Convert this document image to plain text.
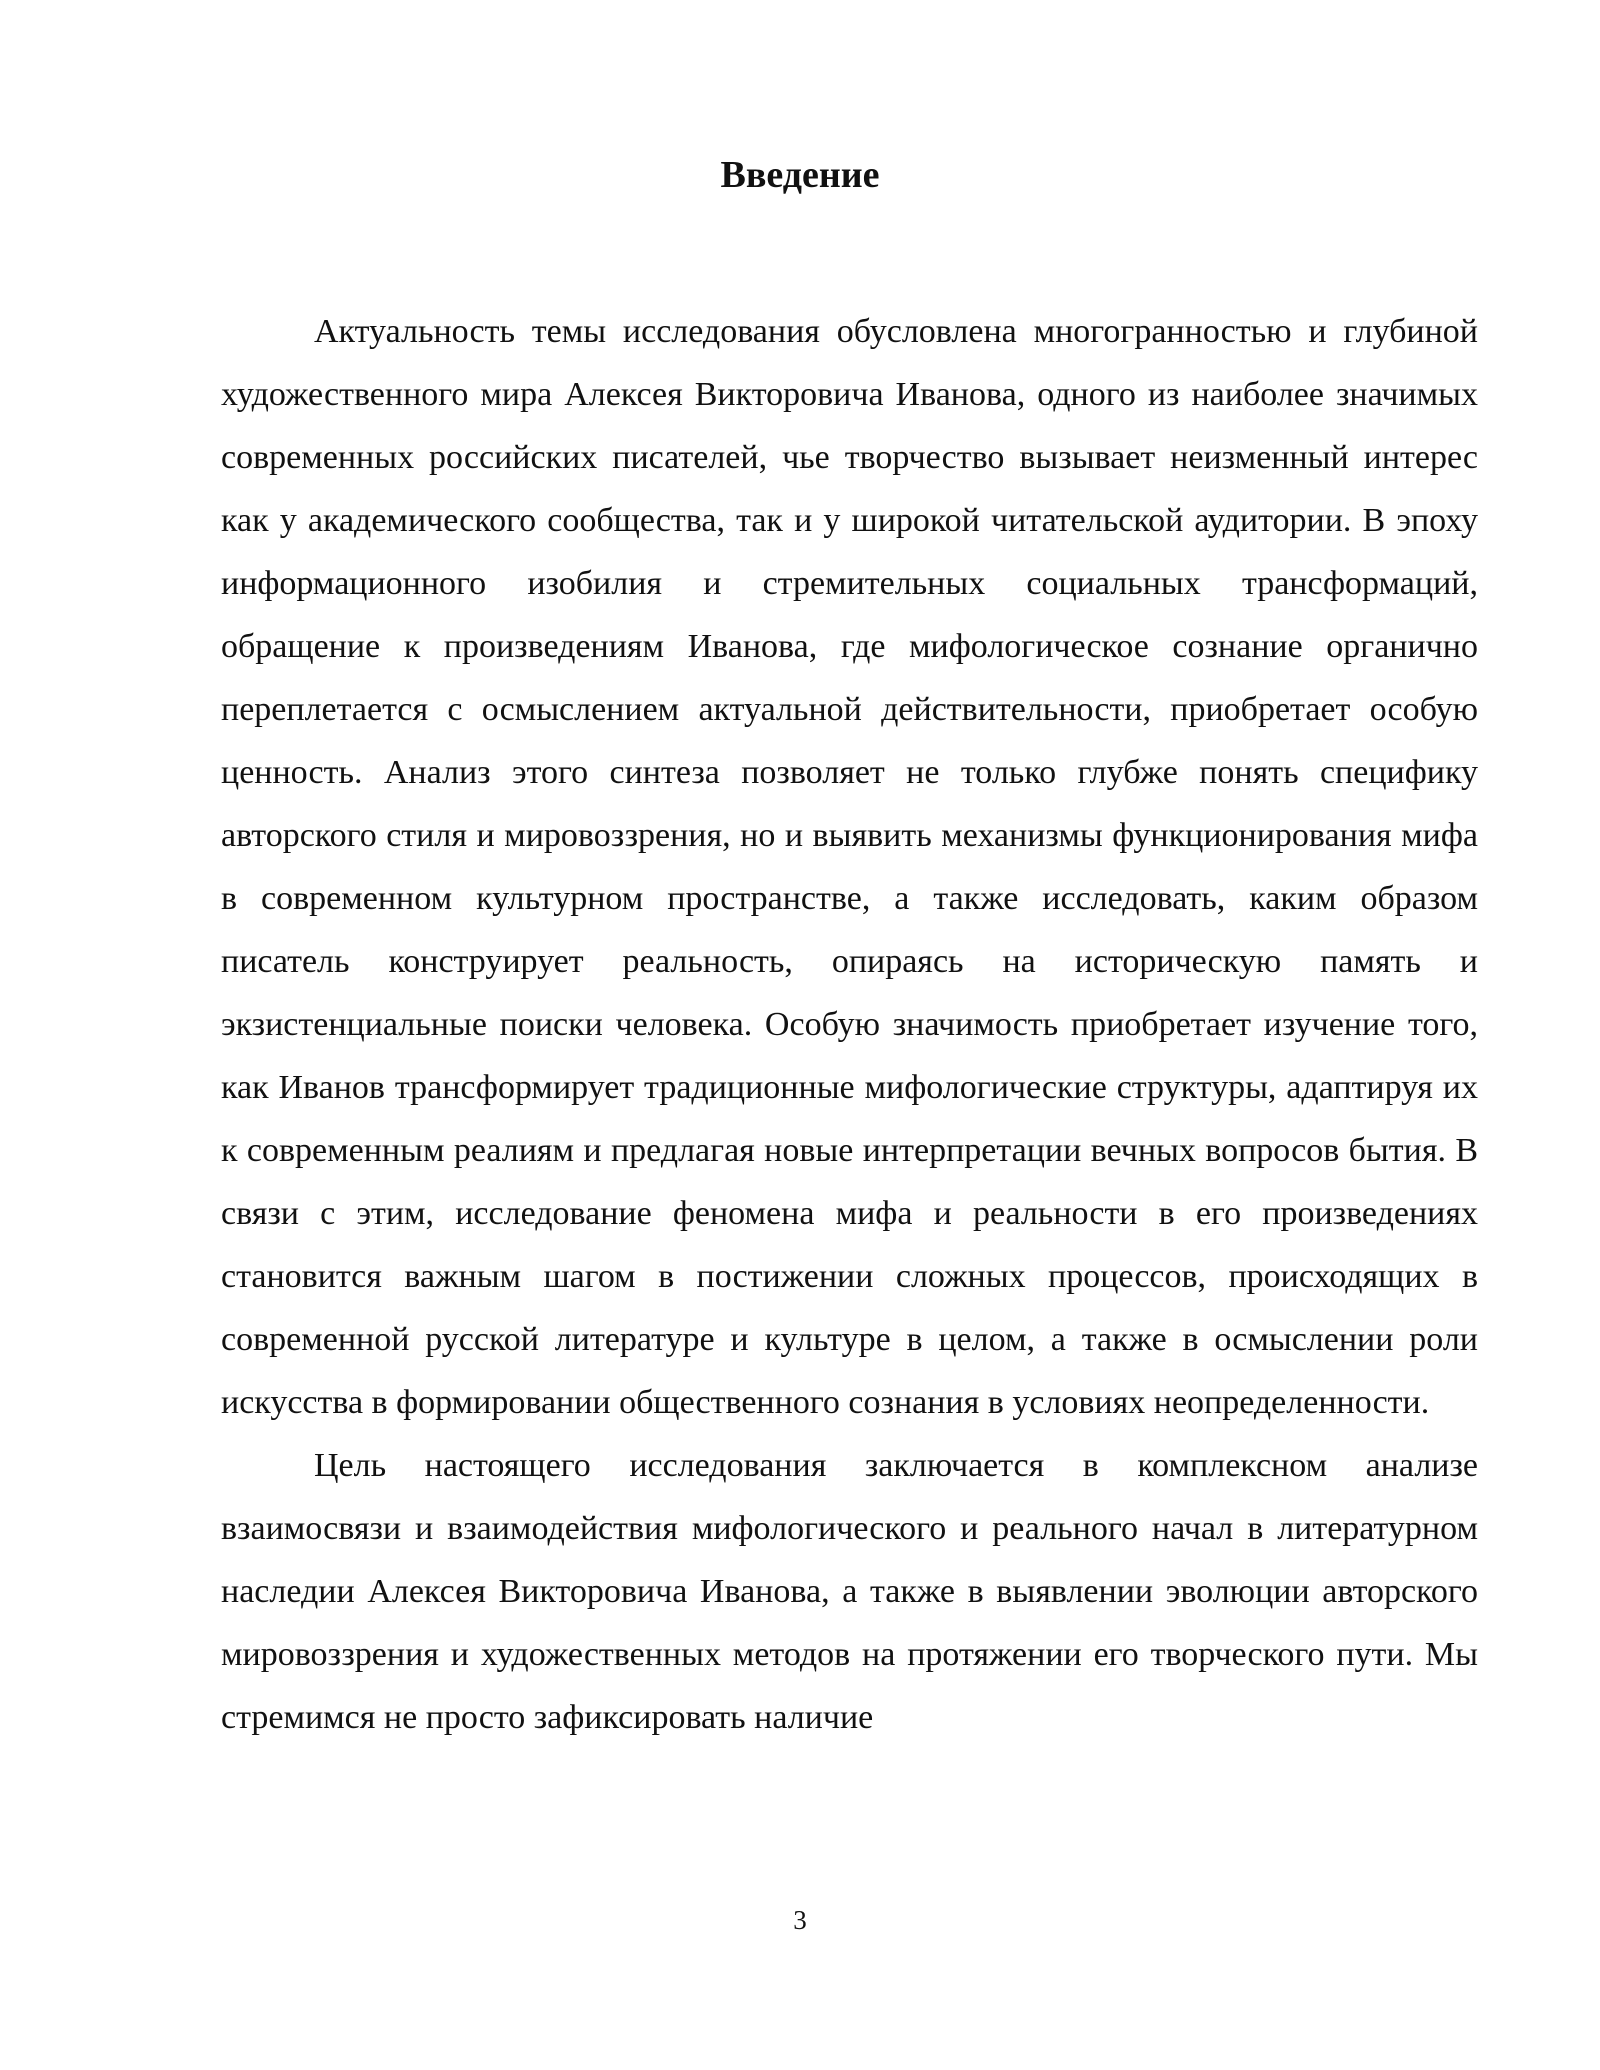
Введение

Актуальность темы исследования обусловлена многогранностью и глубиной художественного мира Алексея Викторовича Иванова, одного из наиболее значимых современных российских писателей, чье творчество вызывает неизменный интерес как у академического сообщества, так и у широкой читательской аудитории. В эпоху информационного изобилия и стремительных социальных трансформаций, обращение к произведениям Иванова, где мифологическое сознание органично переплетается с осмыслением актуальной действительности, приобретает особую ценность. Анализ этого синтеза позволяет не только глубже понять специфику авторского стиля и мировоззрения, но и выявить механизмы функционирования мифа в современном культурном пространстве, а также исследовать, каким образом писатель конструирует реальность, опираясь на историческую память и экзистенциальные поиски человека. Особую значимость приобретает изучение того, как Иванов трансформирует традиционные мифологические структуры, адаптируя их к современным реалиям и предлагая новые интерпретации вечных вопросов бытия. В связи с этим, исследование феномена мифа и реальности в его произведениях становится важным шагом в постижении сложных процессов, происходящих в современной русской литературе и культуре в целом, а также в осмыслении роли искусства в формировании общественного сознания в условиях неопределенности.

Цель настоящего исследования заключается в комплексном анализе взаимосвязи и взаимодействия мифологического и реального начал в литературном наследии Алексея Викторовича Иванова, а также в выявлении эволюции авторского мировоззрения и художественных методов на протяжении его творческого пути. Мы стремимся не просто зафиксировать наличие

3
